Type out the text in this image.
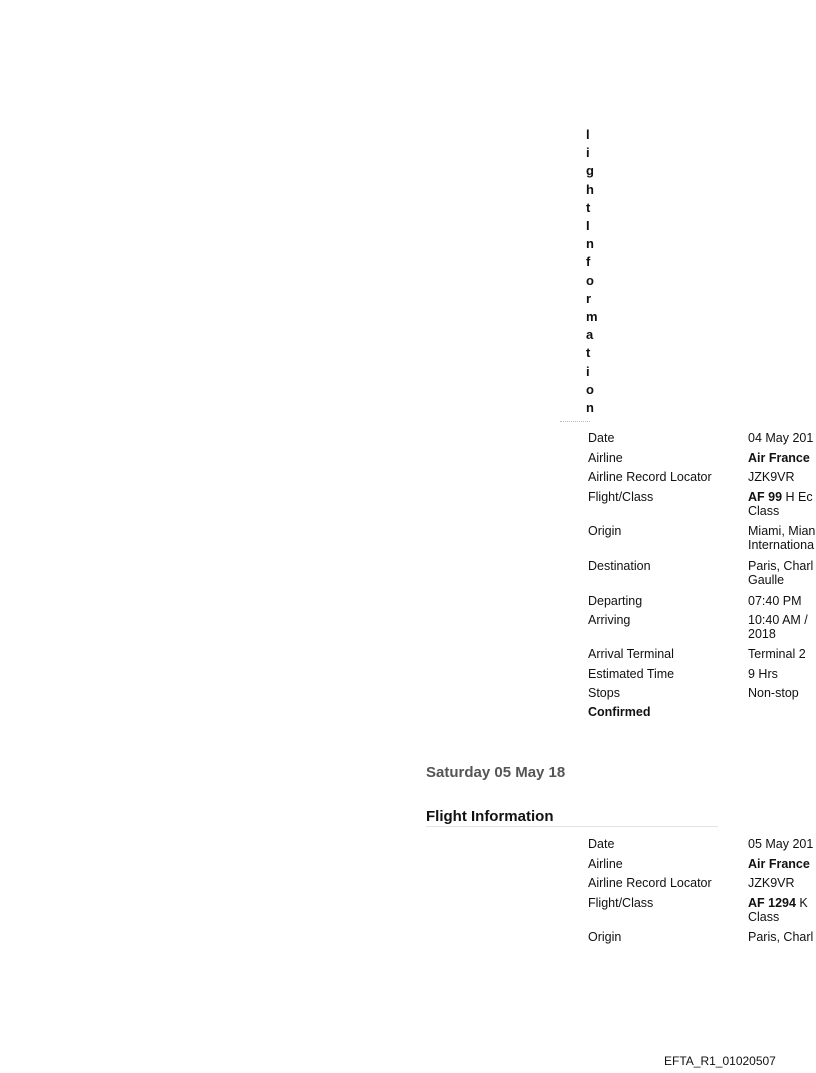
l
i
g
h
t
I
n
f
o
r
m
a
t
i
o
n
Date	04 May 201
Airline	Air France
Airline Record Locator	JZK9VR
Flight/Class	AF 99 H Ec
Class
Origin	Miami, Mian
Internationa
Destination	Paris, Charl
Gaulle
Departing	07:40 PM
Arriving	10:40 AM /
2018
Arrival Terminal	Terminal 2
Estimated Time	9 Hrs
Stops	Non-stop
Confirmed
Saturday 05 May 18
Flight Information
Date	05 May 201
Airline	Air France
Airline Record Locator	JZK9VR
Flight/Class	AF 1294 K
Class
Origin	Paris, Charl
EFTA_R1_01020507
